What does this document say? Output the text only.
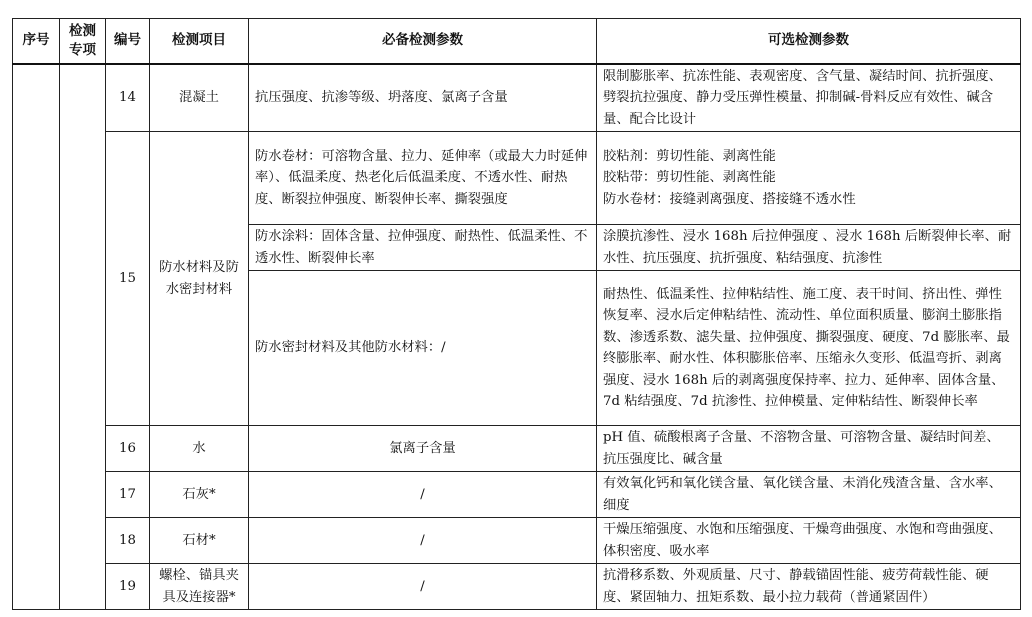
序号	检测专项	编号	检测项目	必备检测参数	可选检测参数
		14	混凝土	抗压强度、抗渗等级、坍落度、氯离子含量	限制膨胀率、抗冻性能、表观密度、含气量、凝结时间、抗折强度、劈裂抗拉强度、静力受压弹性模量、抑制碱-骨料反应有效性、碱含量、配合比设计
		15	防水材料及防水密封材料	防水卷材：可溶物含量、拉力、延伸率（或最大力时延伸率）、低温柔度、热老化后低温柔度、不透水性、耐热度、断裂拉伸强度、断裂伸长率、撕裂强度	胶粘剂：剪切性能、剥离性能
胶粘带：剪切性能、剥离性能
防水卷材：接缝剥离强度、搭接缝不透水性

				防水涂料：固体含量、拉伸强度、耐热性、低温柔性、不透水性、断裂伸长率	涂膜抗渗性、浸水 168h 后拉伸强度 、浸水 168h 后断裂伸长率、耐水性、抗压强度、抗折强度、粘结强度、抗渗性
				防水密封材料及其他防水材料：/	耐热性、低温柔性、拉伸粘结性、施工度、表干时间、挤出性、弹性恢复率、浸水后定伸粘结性、流动性、单位面积质量、膨润土膨胀指数、渗透系数、滤失量、拉伸强度、撕裂强度、硬度、7d 膨胀率、最终膨胀率、耐水性、体积膨胀倍率、压缩永久变形、低温弯折、剥离强度、浸水 168h 后的剥离强度保持率、拉力、延伸率、固体含量、7d 粘结强度、7d 抗渗性、拉伸模量、定伸粘结性、断裂伸长率
		16	水	氯离子含量	pH 值、硫酸根离子含量、不溶物含量、可溶物含量、凝结时间差、 抗压强度比、碱含量
		17	石灰*	/	有效氧化钙和氧化镁含量、氧化镁含量、未消化残渣含量、含水率、细度
		18	石材*	/	干燥压缩强度、水饱和压缩强度、干燥弯曲强度、水饱和弯曲强度、体积密度、吸水率
		19	螺栓、锚具夹具及连接器*	/	抗滑移系数、外观质量、尺寸、静载锚固性能、疲劳荷载性能、硬度、紧固轴力、扭矩系数、最小拉力载荷（普通紧固件）
